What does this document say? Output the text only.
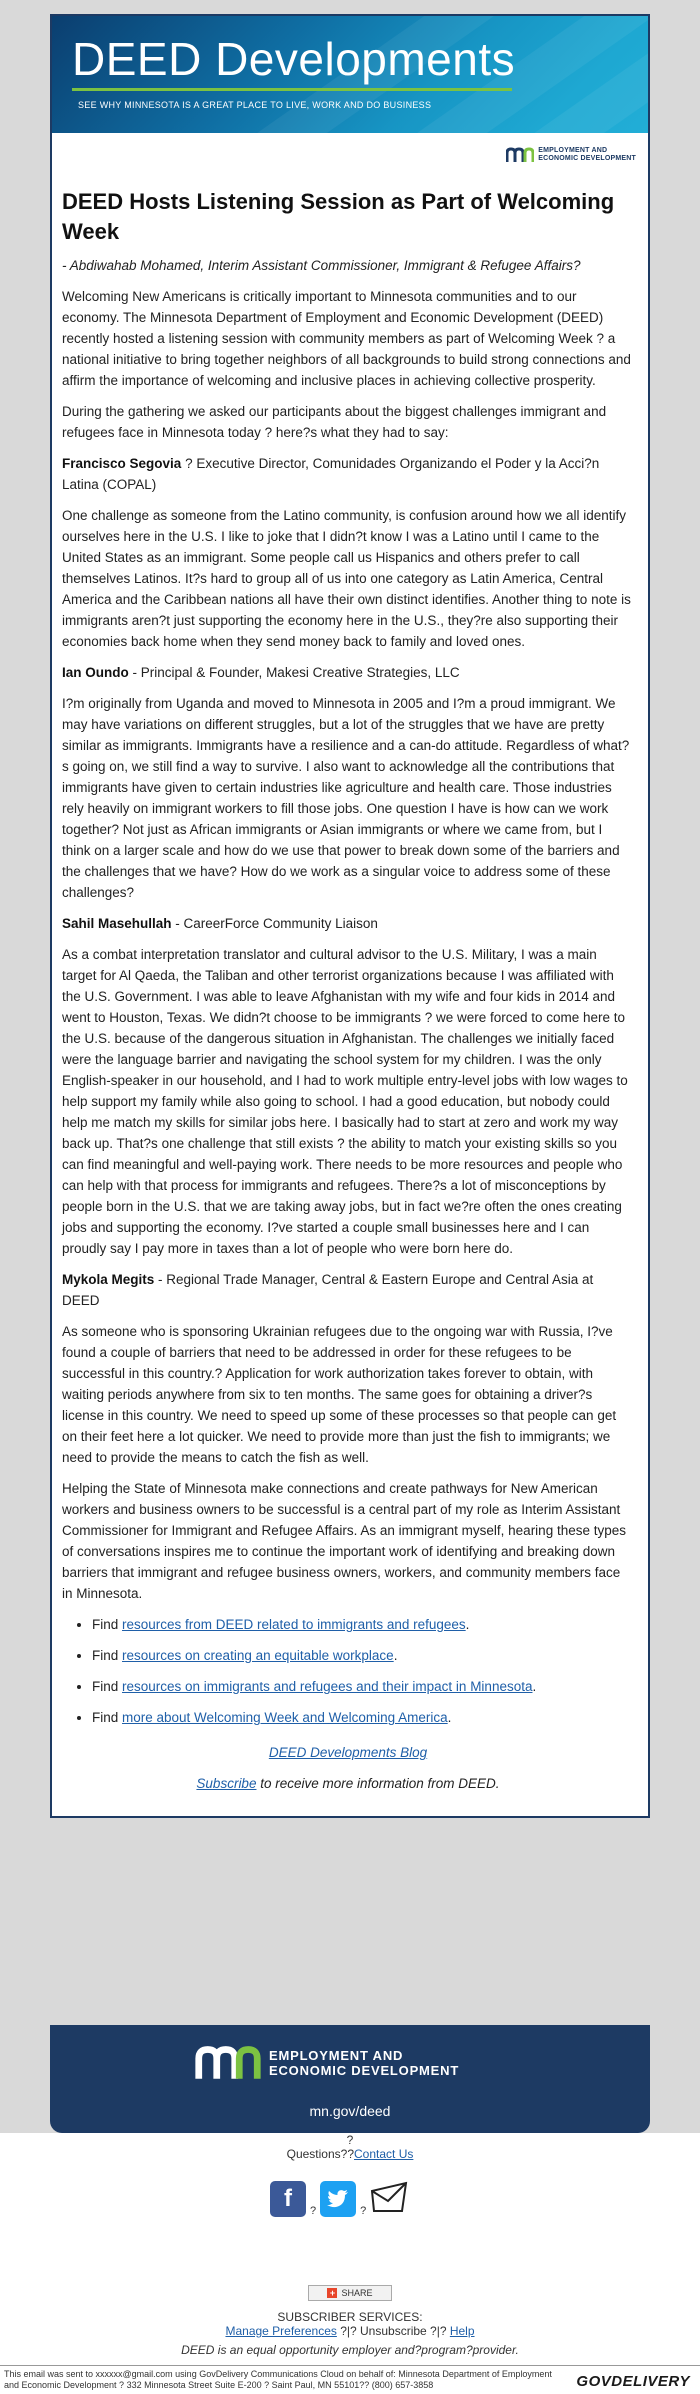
DEED Developments
SEE WHY MINNESOTA IS A GREAT PLACE TO LIVE, WORK AND DO BUSINESS
EMPLOYMENT AND
ECONOMIC DEVELOPMENT
DEED Hosts Listening Session as Part of Welcoming Week

- Abdiwahab Mohamed, Interim Assistant Commissioner, Immigrant & Refugee Affairs?

Welcoming New Americans is critically important to Minnesota communities and to our economy. The Minnesota Department of Employment and Economic Development (DEED) recently hosted a listening session with community members as part of Welcoming Week ? a national initiative to bring together neighbors of all backgrounds to build strong connections and affirm the importance of welcoming and inclusive places in achieving collective prosperity.

During the gathering we asked our participants about the biggest challenges immigrant and refugees face in Minnesota today ? here?s what they had to say:

Francisco Segovia ? Executive Director, Comunidades Organizando el Poder y la Acci?n Latina (COPAL)

One challenge as someone from the Latino community, is confusion around how we all identify ourselves here in the U.S. I like to joke that I didn?t know I was a Latino until I came to the United States as an immigrant. Some people call us Hispanics and others prefer to call themselves Latinos. It?s hard to group all of us into one category as Latin America, Central America and the Caribbean nations all have their own distinct identifies. Another thing to note is immigrants aren?t just supporting the economy here in the U.S., they?re also supporting their economies back home when they send money back to family and loved ones.

Ian Oundo - Principal & Founder, Makesi Creative Strategies, LLC

I?m originally from Uganda and moved to Minnesota in 2005 and I?m a proud immigrant. We may have variations on different struggles, but a lot of the struggles that we have are pretty similar as immigrants. Immigrants have a resilience and a can-do attitude. Regardless of what?s going on, we still find a way to survive. I also want to acknowledge all the contributions that immigrants have given to certain industries like agriculture and health care. Those industries rely heavily on immigrant workers to fill those jobs. One question I have is how can we work together? Not just as African immigrants or Asian immigrants or where we came from, but I think on a larger scale and how do we use that power to break down some of the barriers and the challenges that we have? How do we work as a singular voice to address some of these challenges?

Sahil Masehullah - CareerForce Community Liaison

As a combat interpretation translator and cultural advisor to the U.S. Military, I was a main target for Al Qaeda, the Taliban and other terrorist organizations because I was affiliated with the U.S. Government. I was able to leave Afghanistan with my wife and four kids in 2014 and went to Houston, Texas. We didn?t choose to be immigrants ? we were forced to come here to the U.S. because of the dangerous situation in Afghanistan. The challenges we initially faced were the language barrier and navigating the school system for my children. I was the only English-speaker in our household, and I had to work multiple entry-level jobs with low wages to help support my family while also going to school. I had a good education, but nobody could help me match my skills for similar jobs here. I basically had to start at zero and work my way back up. That?s one challenge that still exists ? the ability to match your existing skills so you can find meaningful and well-paying work. There needs to be more resources and people who can help with that process for immigrants and refugees. There?s a lot of misconceptions by people born in the U.S. that we are taking away jobs, but in fact we?re often the ones creating jobs and supporting the economy. I?ve started a couple small businesses here and I can proudly say I pay more in taxes than a lot of people who were born here do.

Mykola Megits - Regional Trade Manager, Central & Eastern Europe and Central Asia at DEED

As someone who is sponsoring Ukrainian refugees due to the ongoing war with Russia, I?ve found a couple of barriers that need to be addressed in order for these refugees to be successful in this country.? Application for work authorization takes forever to obtain, with waiting periods anywhere from six to ten months. The same goes for obtaining a driver?s license in this country. We need to speed up some of these processes so that people can get on their feet here a lot quicker. We need to provide more than just the fish to immigrants; we need to provide the means to catch the fish as well.

Helping the State of Minnesota make connections and create pathways for New American workers and business owners to be successful is a central part of my role as Interim Assistant Commissioner for Immigrant and Refugee Affairs. As an immigrant myself, hearing these types of conversations inspires me to continue the important work of identifying and breaking down barriers that immigrant and refugee business owners, workers, and community members face in Minnesota.

• Find resources from DEED related to immigrants and refugees.
• Find resources on creating an equitable workplace.
• Find resources on immigrants and refugees and their impact in Minnesota.
• Find more about Welcoming Week and Welcoming America.

DEED Developments Blog

Subscribe to receive more information from DEED.

EMPLOYMENT AND
ECONOMIC DEVELOPMENT
mn.gov/deed
?
Questions??Contact Us
f	?	?
+ SHARE
SUBSCRIBER SERVICES:
Manage Preferences ?|? Unsubscribe ?|? Help
DEED is an equal opportunity employer and?program?provider.
This email was sent to xxxxxx@gmail.com using GovDelivery Communications Cloud on behalf of: Minnesota Department of Employment and Economic Development ? 332 Minnesota Street Suite E-200 ? Saint Paul, MN 55101?? (800) 657-3858	GOVDELIVERY
